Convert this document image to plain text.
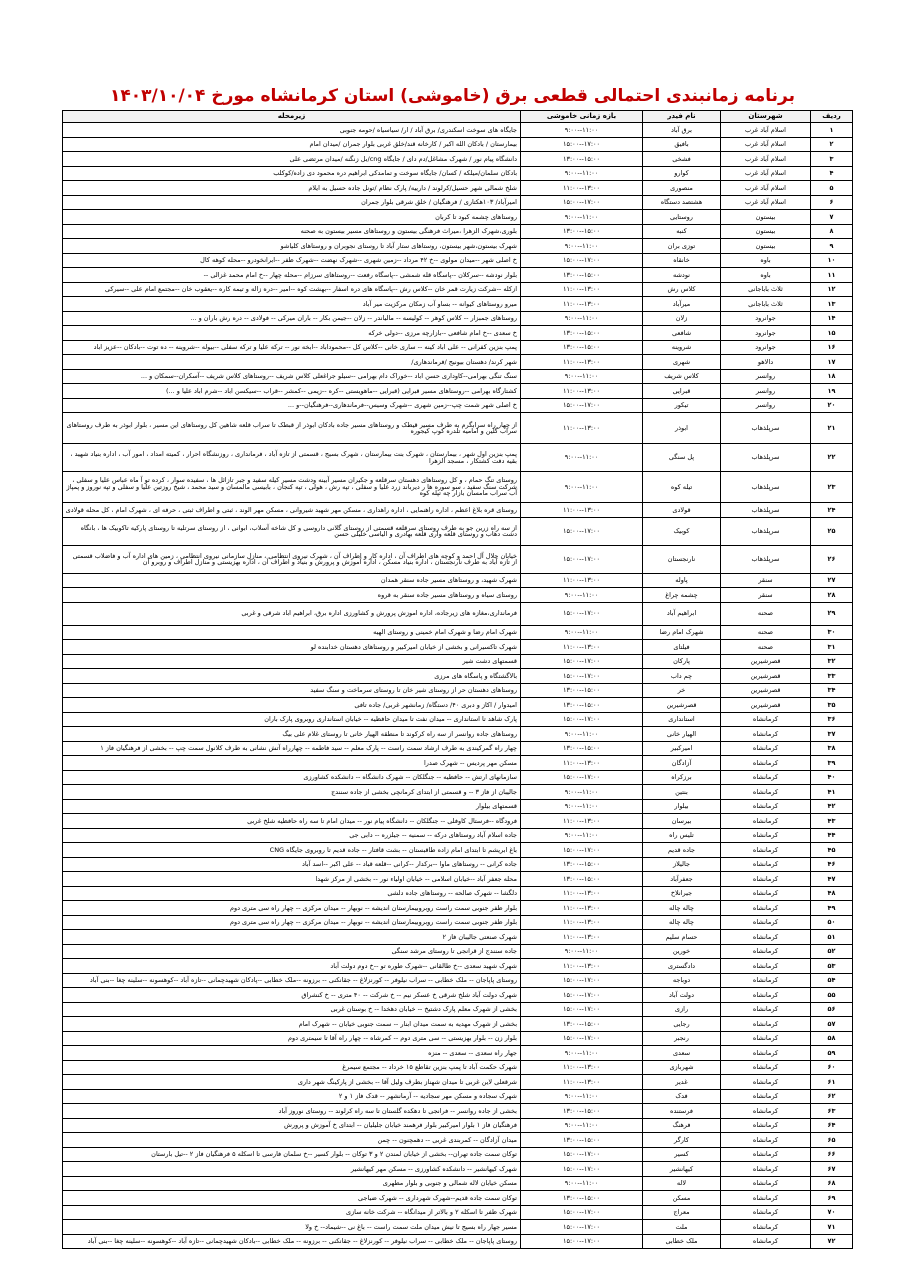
برنامه زمانبندی احتمالی قطعی برق (خاموشی) استان کرمانشاه مورخ ۱۴۰۳/۱۰/۰۴
ردیف	شهرستان	نام فیدر	بازه زمانی خاموشی	زیرمحله
۱	اسلام آباد غرب	برق آباد	۹:۰۰--۱۱:۰۰	جایگاه های سوخت اسکندری/ برق آباد / ار/ سیاسیاه /حومه جنوبی
۲	اسلام آباد غرب	بافیق	۱۵:۰۰--۱۷:۰۰	بیمارستان / بادکان الله اکبر / کارخانه قند/خلق غربی بلوار جمران /میدان امام
۳	اسلام آباد غرب	فشخی	۱۳:۰۰--۱۵:۰۰	دانشگاه پیام نور / شهرک مشاغل/دم دای / جایگاه cng/بل زنگنه /میدان مرتضی علی
۴	اسلام آباد غرب	کوارو	۹:۰۰--۱۱:۰۰	بادکان سلمان/میلکه / کسان/ جایگاه سوخت و تمامدکی ابراهیم دره محمود دی زاده/کوکلب
۵	اسلام آباد غرب	منصوری	۱۱:۰۰--۱۳:۰۰	شلخ شمالی شهر حسیل/کرلوند / دارییه/ پارک نظام /تونل جاده حسیل به ایلام
۶	اسلام آباد غرب	هشتصد دستگاه	۱۵:۰۰--۱۷:۰۰	امیرآباد/ ۱۰۳هکتاری / فرهنگیان / خلق شرقی بلوار جمران
۷	بیستون	روستایی	۹:۰۰--۱۱:۰۰	روستاهای چشمه کبود تا کربان
۸	بیستون	کنبه	۱۳:۰۰--۱۵:۰۰	بلوری،شهرک الزهرا ،میراث فرهنگی بیستون و روستاهای مسیر بیستون به صحنه
۹	بیستون	توزی بران	۹:۰۰--۱۱:۰۰	شهرک بیستون،شهر بیستون، روستاهای ستار آباد تا روستای نجوبران و روستاهای کلیاشو
۱۰	باوه	خانقاه	۱۵:۰۰--۱۷:۰۰	خ اصلی شهر --میدان مولوی --خ ۴۲ مرداد --زمین شهری --شهرک نهضت --شهرک ظفر --ابرانخودرو --محله کوهه کال
۱۱	باوه	نودشه	۱۳:۰۰--۱۵:۰۰	بلوار نودشه --سرکلان --پاسگاه قله شمشی --پاسگاه رفعت --روستاهای سرزام --محله چهار --خ امام محمد غزالی --
۱۲	ثلاث باباجانی	کلاس رش	۱۱:۰۰--۱۳:۰۰	ازکله --شرکت زیارت قمر خان --کلاس رش --پاسگاه های دره اسفار --بهشت کوه --امیر --دره زاله و تیمه کاره --یعقوب خان --مجتمع امام علی --سیرکی
۱۳	ثلاث باباجانی	میرآباد	۱۱:۰۰--۱۳:۰۰	میرو روستاهای کیوانه -- بساو آب زمکان مرکزیت میر آباد
۱۴	جوانرود	زلان	۹:۰۰--۱۱:۰۰	روستاهای جمبزار -- کلاس کوهر -- کولیسه -- مالیاندر -- زلان --جیمن بکار -- باران میرکی -- فولادی -- دره رش باران و ...
۱۵	جوانرود	شافعی	۱۳:۰۰--۱۵:۰۰	خ سعدی --خ امام شافعی --بازارچه مرزی --دولی خرکه
۱۶	جوانرود	شروینه	۱۳:۰۰--۱۵:۰۰	پمپ بنزین کفرانی -- علی اباد کینه -- ساری خانی --کلاس کل --محموداباد --ابخه نور -- ترکه علیا و ترکه سفلی --بیوله --شروینه -- ده توت --بادکان --عزیز اباد
۱۷	دالاهو	شهری	۱۱:۰۰--۱۳:۰۰	شهر کرند/ دهستان بیونیج /فرماندهاری/
۱۸	روانسر	کلاس شریف	۹:۰۰--۱۱:۰۰	سنگ تنگی بهرامی--کاوداری حسن اباد --خوراک دام بهرامی --سیلو جراغعلی کلاس شریف --روستاهای کلاس شریف --آسکران--سمکان و ...
۱۹	روانسر	قبرایی	۱۱:۰۰--۱۳:۰۰	کشتارگاه بهرامی --روستاهای مسیر قبرایی (قبرایی --ماهویستی --کره --زیمی --کمشر --قراب --سیکسن اباد --شرم اباد علیا و ...)
۲۰	روانسر	تیکور	۱۵:۰۰--۱۷:۰۰	خ اصلی شهر شمت چپ--زمین شهری --شهرک وسیس--فرماندهاری--فرهنگیان--و ...
۲۱	سرپلذهاب	ابوذر	۱۱:۰۰--۱۳:۰۰	از چهار راه سرابگرم به طرف مسیر قیطک و روستاهای مسیر جاده بادکان ابوذر از قبطک تا سراب قلعه شاهین کل روستاهای این مسیر ، بلوار ابوذر به طرف روستاهای سراب گلین و امامیه تلدره کوپ کیجوره
۲۲	سرپلذهاب	پل سنگی	۹:۰۰--۱۱:۰۰	پمپ بنزین اول شهر ، بیمارستان ، شهرک بنت بیمارستان ، شهرک بسیج ، قسمتی از تازه آباد ، فرمانداری ، روزنشگاه احرار ، کمیته امداد ، امور آب ، اداره بنیاد شهید ، بقیه دفت کشتکار ، مسجد الزهرا
۲۳	سرپلذهاب	تیله کوه	۹:۰۰--۱۱:۰۰	روستای تنگ حمام ، و کل روستاهای دهستان سرقلعه و جکیران مسیر آبینه ودشت مسیر کیله سفید و جبر تازائل ها ، سفیده سوار ، کرده تو آ ماه عباس علیا و سفلی ، شرکت سنگ سفید ، سو سوره ها ر دیرباند زرد علیا و سفلی ، تپه رش ، هولی ، تپه کنجان ، بابیسی مالمسان و سید محمد ، شیخ روزتین علیا و سفلی و تپه نوروز و پمپاژ آب سراب مامسان بازار چه تپله کوه
۲۴	سرپلذهاب	قولادی	۱۱:۰۰--۱۳:۰۰	روستای قره بلاغ اعظم ، اداره راهنمایی ، اداره راهداری ، مسکن مهر شهید شیروانی ، مسکن مهر الوند ، ثبتی و اطراف ثبتی ، حرفه ای ، شهرک امام ، کل محله قولادی
۲۵	سرپلذهاب	کوبیک	۱۵:۰۰--۱۷:۰۰	از سه راه زرین جو به طرف روستای سرقلعه قسمتی از روستای گلانی داروسی و کل شاخه آسلاب، ابوانی ، از روستای سرتلیه تا روستای پارکیه تاکوبیک ها ، بانگاه دشت دهاب و روستای قلعه واری قلعه بهادری و الیاسی خلیلی حسن
۲۶	سرپلذهاب	نارنجستان	۱۵:۰۰--۱۷:۰۰	خیابان جلال آل احمد و کوچه های اطراف آن ، اداره کار و اطراف آن ، شهرک نیروی انتظامی ، منازل سازمانی نیروی انتظامی ، زمین های اداره آب و فاضلاب قسمتی از تازه آباد به طرف نارنجستان ، اداره بنیاد مسکن ، اداره آموزش و پرورش و بنیاد و اطراف آن ، اداره بهزیستی و منازل اطراف و روبرو آن
۲۷	سنقر	پاوله	۱۱:۰۰--۱۳:۰۰	شهرک شهید، و روستاهای مسیر جاده سنقر همدان
۲۸	سنقر	چشمه چراغ	۹:۰۰--۱۱:۰۰	روستای سیاه و روستاهای مسیر جاده سنقر به قروه
۲۹	صحنه	ابراهیم آباد	۱۵:۰۰--۱۷:۰۰	فرمانداری،مغازه های زیرجاده، اداره اموزش پرورش و کشاورزی اداره برق، ابراهیم اباد شرقی و غربی
۳۰	صحنه	شهرک امام رضا	۹:۰۰--۱۱:۰۰	شهرک امام رضا و شهرک امام خمینی و روستای الهیه
۳۱	صحنه	فیلتای	۱۱:۰۰--۱۳:۰۰	شهرک تاکسیرانی و بخشی از خیابان امیرکبیر و روستاهای دهستان خدابنده لو
۳۲	قصرشیرین	پارکان	۱۵:۰۰--۱۷:۰۰	قسمتهای دشت شیر
۳۳	قصرشیرین	چم داب	۱۵:۰۰--۱۷:۰۰	بالاگشتگاه و پاسگاه های مرزی
۳۴	قصرشیرین	خر	۱۳:۰۰--۱۵:۰۰	روستاهای دهستان حر از روستای شیر خان تا روستای سرماخت و سنگ سفید
۳۵	قصرشیرین	قصرشیرین	۱۳:۰۰--۱۵:۰۰	امیدوار / اکاز و دبری ۴۰/ دستگاه/ زمانشهر غربی/ جاده تافی
۳۶	کرمانشاه	استانداری	۱۵:۰۰--۱۷:۰۰	پارک شاهد تا استانداری -- میدان نفت تا میدان حافظیه -- خیابان استانداری روبروی پارک باران
۳۷	کرمانشاه	الهیار خانی	۹:۰۰--۱۱:۰۰	روستاهای جاده روانسر از سه راه کرکوند تا منطقه الهیار خانی تا روستای غلام علی بیگ
۳۸	کرمانشاه	امیرکبیر	۱۳:۰۰--۱۵:۰۰	چهار راه گمرکیندی به طرف ارشاد سمت راست -- پارک معلم -- سید فاطمه -- چهارراه آتش نشانی به طرف کلانول سمت چپ -- بخشی از فرهنگیان فاز ۱
۳۹	کرمانشاه	آزادگان	۱۱:۰۰--۱۳:۰۰	مسکن مهر پردیس -- شهرک صدرا
۴۰	کرمانشاه	برزکراه	۱۵:۰۰--۱۷:۰۰	سازمانهای ارتش -- حافظیه -- جنگلکان -- شهرک دانشگاه -- دانشکده کشاورزی
۴۱	کرمانشاه	بنتین	۹:۰۰--۱۱:۰۰	جالیبان از فاز ۳ -- و قسمتی از ابتدای کرمانچی بخشی از جاده سنندج
۴۲	کرمانشاه	بیلوار	۹:۰۰--۱۱:۰۰	قسمتهای بیلوار
۴۳	کرمانشاه	بیرسان	۱۱:۰۰--۱۳:۰۰	فرودگاه --فرستال کاوفلی -- جنگلکان -- دانشگاه پیام نور -- میدان امام تا سه راه حافظیه شلخ غربی
۴۴	کرمانشاه	تلیس راه	۹:۰۰--۱۱:۰۰	جاده اسلام آباد روستاهای درکه -- سمنیه -- جیلزره -- دابی جی
۴۵	کرمانشاه	جاده قدیم	۱۵:۰۰--۱۷:۰۰	باغ ابریشم تا ابتدای امام زاده طاقبستان -- بشت قافتار -- جاده قدیم تا روبروی جایگاه CNG
۴۶	کرمانشاه	جالیلاز	۱۳:۰۰--۱۵:۰۰	جاده کرانی -- روستاهای ماوا --برکدار --کرانی --قلعه قباد -- علی اکبر --اسد آباد
۴۷	کرمانشاه	جعفرآباد	۱۳:۰۰--۱۵:۰۰	محله جعفر آباد --خیابان اسلامی -- خیابان اولیاء نور -- بخشی از مرکز شهدا
۴۸	کرمانشاه	جیرانلاخ	۱۱:۰۰--۱۳:۰۰	دلگشا -- شهرک صالحه -- روستاهای جاده دلشی
۴۹	کرمانشاه	چاله چاله	۱۱:۰۰--۱۳:۰۰	بلوار ظفر جنوبی سمت راست روبروبیمارستان اندیشه -- نوبهار -- میدان مرکزی -- چهار راه سی متری دوم
۵۰	کرمانشاه	چاله چاله	۱۱:۰۰--۱۳:۰۰	بلوار ظفر جنوبی سمت راست روبروبیمارستان اندیشه -- نوبهار -- میدان مرکزی -- چهار راه سی متری دوم
۵۱	کرمانشاه	حسام سلیم	۱۱:۰۰--۱۳:۰۰	شهرک صنعتی جالیبان فاز ۲
۵۲	کرمانشاه	خورین	۹:۰۰--۱۱:۰۰	جاده سنندج از قرانجی تا روستای مرشد سنگی
۵۳	کرمانشاه	دادگستری	۱۱:۰۰--۱۳:۰۰	شهرک شهید سعدی --خ طالقانی --شهرک طوره تو --خ دوم دولت آباد
۵۴	کرمانشاه	دوباجه	۱۵:۰۰--۱۷:۰۰	روستای پاپاجان -- ملک خطابی -- سراب نیلوفر -- کورنزلاغ -- جقانکنی -- برزونه --ملک خطابی --پادکان شهیدچمانی --تازه آباد --کوهسونه --سلینه چغا --بنی آباد
۵۵	کرمانشاه	دولت آباد	۱۵:۰۰--۱۷:۰۰	شهرک دولت آباد شلخ شرقی خ عسکر نیم -- خ شرکت -- ۴۰ متری -- خ کنشراق
۵۶	کرمانشاه	رازی	۱۵:۰۰--۱۷:۰۰	بخشی از شهرک معلم پارک دشتیخ -- خیابان دهخدا -- خ بوستان غربی
۵۷	کرمانشاه	رجایی	۱۳:۰۰--۱۵:۰۰	بخشی از شهرک مهدیه به سمت میدان ابنار -- سمت جنوبی خیابان -- شهرک امام
۵۸	کرمانشاه	رنجبر	۱۵:۰۰--۱۷:۰۰	بلوار زن -- بلوار بهزیستی -- سی متری دوم -- کمرشاه -- چهار راه آقا تا سیمتری دوم
۵۹	کرمانشاه	سعدی	۹:۰۰--۱۱:۰۰	جهار راه سعدی -- سعدی -- منزه
۶۰	کرمانشاه	شهربازی	۱۱:۰۰--۱۳:۰۰	شهرک حکمت آباد تا پمپ بنزین تقاطع ۱۵ خرداد -- مجتمع سیمرغ
۶۱	کرمانشاه	غدیر	۱۱:۰۰--۱۳:۰۰	شرقعلی لاین غربی تا میدان شهناز بطرف ولیل آقا -- بخشی از پارکینگ شهر داری
۶۲	کرمانشاه	فدک	۹:۰۰--۱۱:۰۰	شهرک سجاده و مسکن مهر سجادیه -- آرمانشهر -- قدک فاز ۱ و ۲
۶۳	کرمانشاه	فرستنده	۱۳:۰۰--۱۵:۰۰	بخشی از جاده روانسر -- فرانجی تا دهکده گلستان تا سه راه کرلوند -- روستای نوروز آباد
۶۴	کرمانشاه	فرهنگ	۹:۰۰--۱۱:۰۰	فرهنگیان فاز ۱ بلوار امیرکبیر بلوار فرهمند خیابان جلیلیان -- ابتدای خ آموزش و پرورش
۶۵	کرمانشاه	کارگر	۱۳:۰۰--۱۵:۰۰	میدان آزادگان -- کمربندی غربی -- دهمچنون -- چمن
۶۶	کرمانشاه	کسیر	۱۵:۰۰--۱۷:۰۰	توکان سمت جاده تهران-- بخشی از خیابان لمندن ۲ و ۳ توکان -- بلوار کسیر --خ سلمان فارسی تا اسکله ۵ فرهنگیان فاز ۲ --تیل بارستان
۶۷	کرمانشاه	کیهانشیر	۱۵:۰۰--۱۷:۰۰	شهرک کیهانشیر -- دانشکده کشاورزی -- مسکن مهر کیهانشیر
۶۸	کرمانشاه	لاله	۹:۰۰--۱۱:۰۰	مسکن خیابان لاله شمالی و جنوبی و بلوار مطهری
۶۹	کرمانشاه	مسکن	۱۳:۰۰--۱۵:۰۰	توکان سمت جاده قدیم--شهرک شهرداری -- شهرک ضیاجی
۷۰	کرمانشاه	معراج	۱۵:۰۰--۱۷:۰۰	شهرک ظفر تا اسکله ۲ و بالاتر از میدانگاه -- شرکت خانه سازی
۷۱	کرمانشاه	ملت	۱۵:۰۰--۱۷:۰۰	مسیر جهار راه بسیج تا نیش میدان ملت سمت راست -- باغ نی --شیماد-- خ ولا
۷۲	کرمانشاه	ملک خطابی	۱۵:۰۰--۱۷:۰۰	روستای پاپاجان -- ملک خطابی -- سراب نیلوفر -- کورنزلاغ -- جقانکنی -- برزونه -- ملک خطابی --بادکان شهیدچمانی --تازه آباد --کوهسونه --سلینه چغا --بنی آباد
